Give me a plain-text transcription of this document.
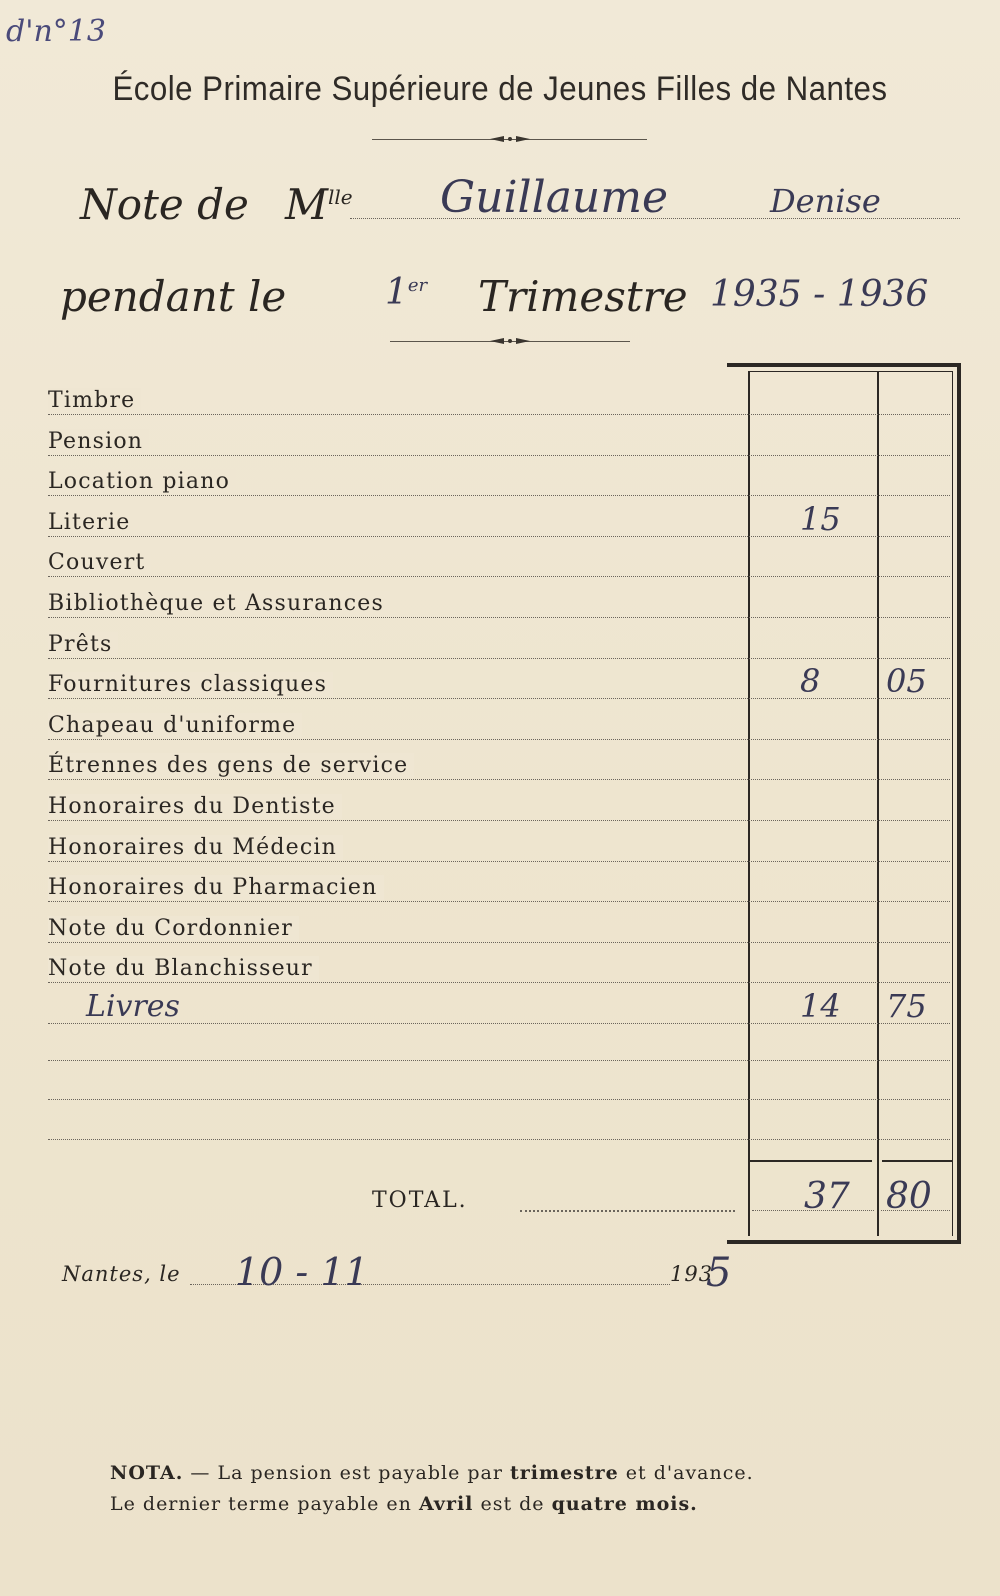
d'n°13
École Primaire Supérieure de Jeunes Filles de Nantes
Note de $M^{lle}$ Guillaume	Denise
pendant le	1er Trimestre 1935 - 1936
Timbre
Pension
Location piano
Literie	15
Couvert
Bibliothèque et Assurances
Prêts
Fournitures classiques	8 05
Chapeau d'uniforme
Étrennes des gens de service
Honoraires du Dentiste
Honoraires du Médecin
Honoraires du Pharmacien
Note du Cordonnier
Note du Blanchisseur
Livres	14 75
TOTAL.	37 80
Nantes, le 10 - 11	193
5
NOTA. — La pension est payable par trimestre et d'avance.
Le dernier terme payable en Avril est de quatre mois.
